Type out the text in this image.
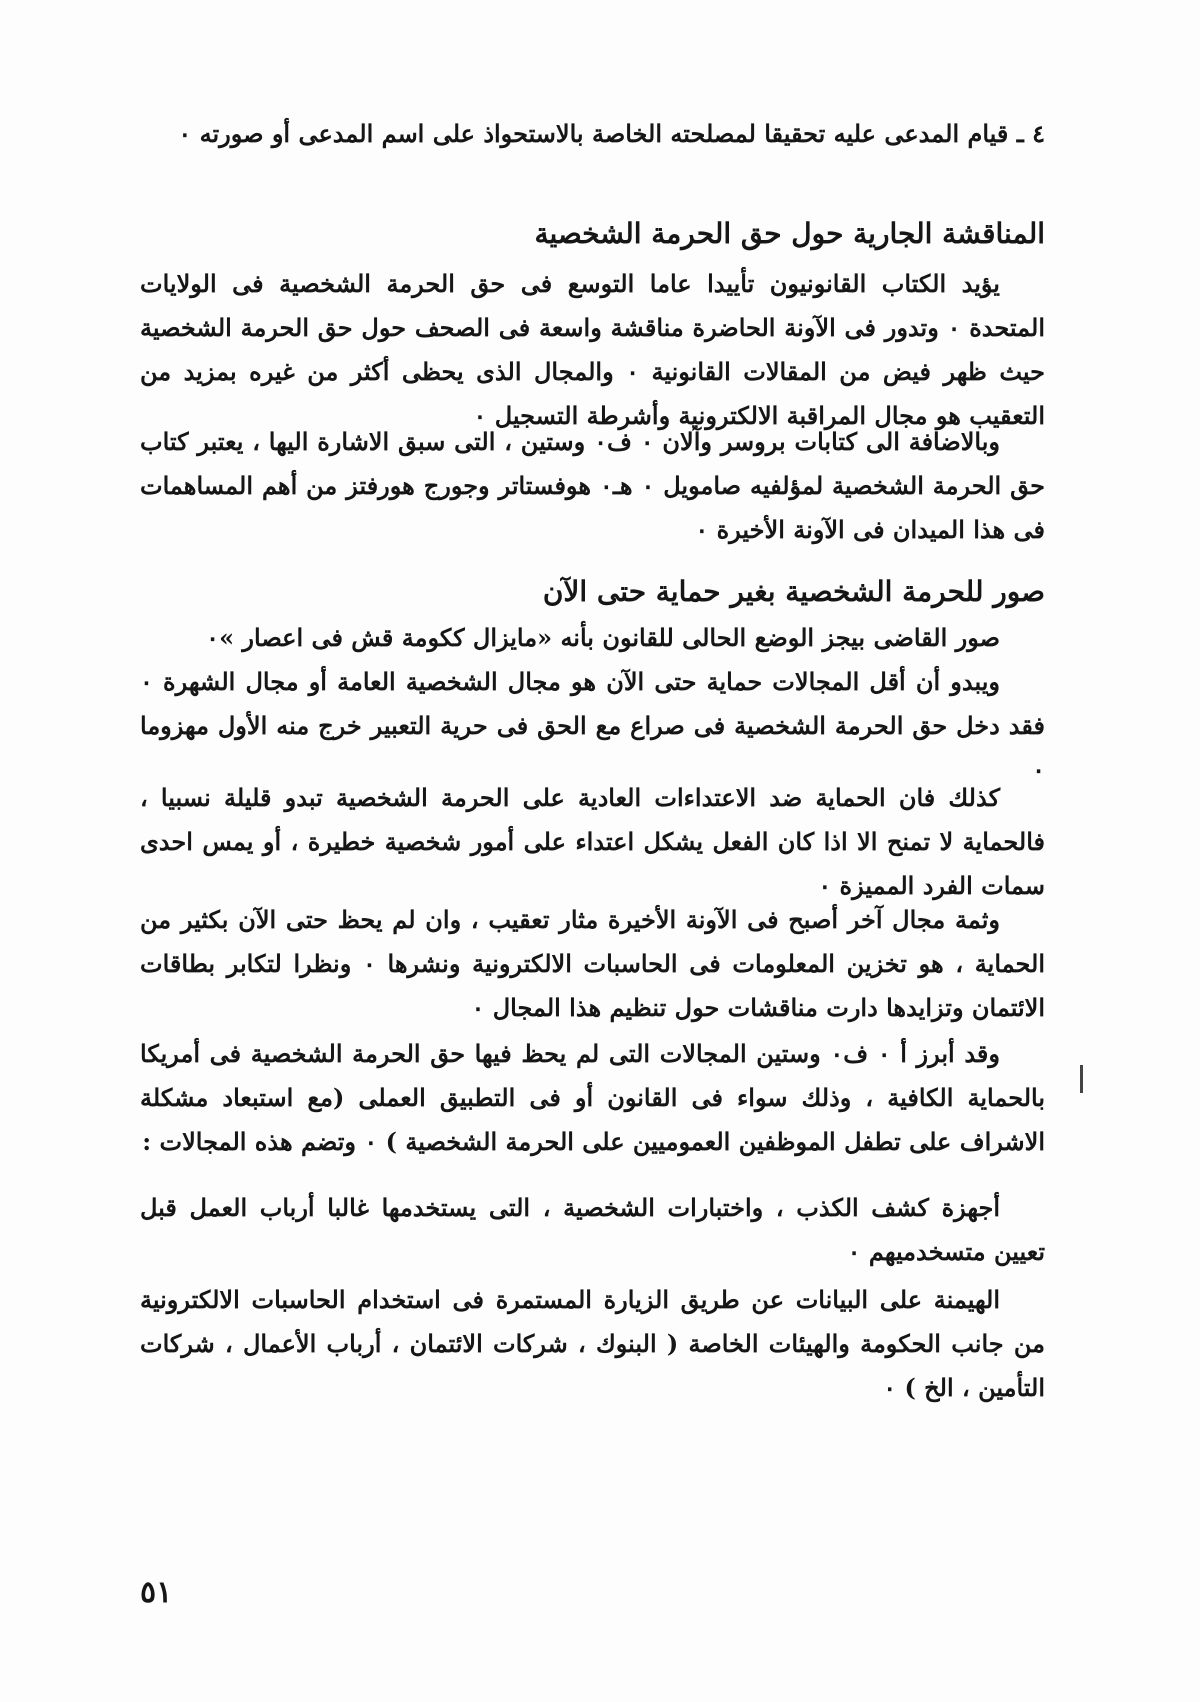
٤ ـ قيام المدعى عليه تحقيقا لمصلحته الخاصة بالاستحواذ على اسم المدعى أو صورته ٠

المناقشة الجارية حول حق الحرمة الشخصية

يؤيد الكتاب القانونيون تأييدا عاما التوسع فى حق الحرمة الشخصية فى الولايات المتحدة ٠ وتدور فى الآونة الحاضرة مناقشة واسعة فى الصحف حول حق الحرمة الشخصية حيث ظهر فيض من المقالات القانونية ٠ والمجال الذى يحظى أكثر من غيره بمزيد من التعقيب هو مجال المراقبة الالكترونية وأشرطة التسجيل ٠

وبالاضافة الى كتابات بروسر وآلان ٠ ف٠ وستين ، التى سبق الاشارة اليها ، يعتبر كتاب حق الحرمة الشخصية لمؤلفيه صامويل ٠ هـ٠ هوفستاتر وجورج هورفتز من أهم المساهمات فى هذا الميدان فى الآونة الأخيرة ٠

صور للحرمة الشخصية بغير حماية حتى الآن

صور القاضى بيجز الوضع الحالى للقانون بأنه «مايزال ككومة قش فى اعصار »٠

ويبدو أن أقل المجالات حماية حتى الآن هو مجال الشخصية العامة أو مجال الشهرة ٠ فقد دخل حق الحرمة الشخصية فى صراع مع الحق فى حرية التعبير خرج منه الأول مهزوما ٠

كذلك فان الحماية ضد الاعتداءات العادية على الحرمة الشخصية تبدو قليلة نسبيا ، فالحماية لا تمنح الا اذا كان الفعل يشكل اعتداء على أمور شخصية خطيرة ، أو يمس احدى سمات الفرد المميزة ٠

وثمة مجال آخر أصبح فى الآونة الأخيرة مثار تعقيب ، وان لم يحظ حتى الآن بكثير من الحماية ، هو تخزين المعلومات فى الحاسبات الالكترونية ونشرها ٠ ونظرا لتكابر بطاقات الائتمان وتزايدها دارت مناقشات حول تنظيم هذا المجال ٠

وقد أبرز أ ٠ ف٠ وستين المجالات التى لم يحظ فيها حق الحرمة الشخصية فى أمريكا بالحماية الكافية ، وذلك سواء فى القانون أو فى التطبيق العملى (مع استبعاد مشكلة الاشراف على تطفل الموظفين العموميين على الحرمة الشخصية ) ٠ وتضم هذه المجالات :

أجهزة كشف الكذب ، واختبارات الشخصية ، التى يستخدمها غالبا أرباب العمل قبل تعيين متسخدميهم ٠

الهيمنة على البيانات عن طريق الزيارة المستمرة فى استخدام الحاسبات الالكترونية من جانب الحكومة والهيئات الخاصة ( البنوك ، شركات الائتمان ، أرباب الأعمال ، شركات التأمين ، الخ ) ٠

٥١
